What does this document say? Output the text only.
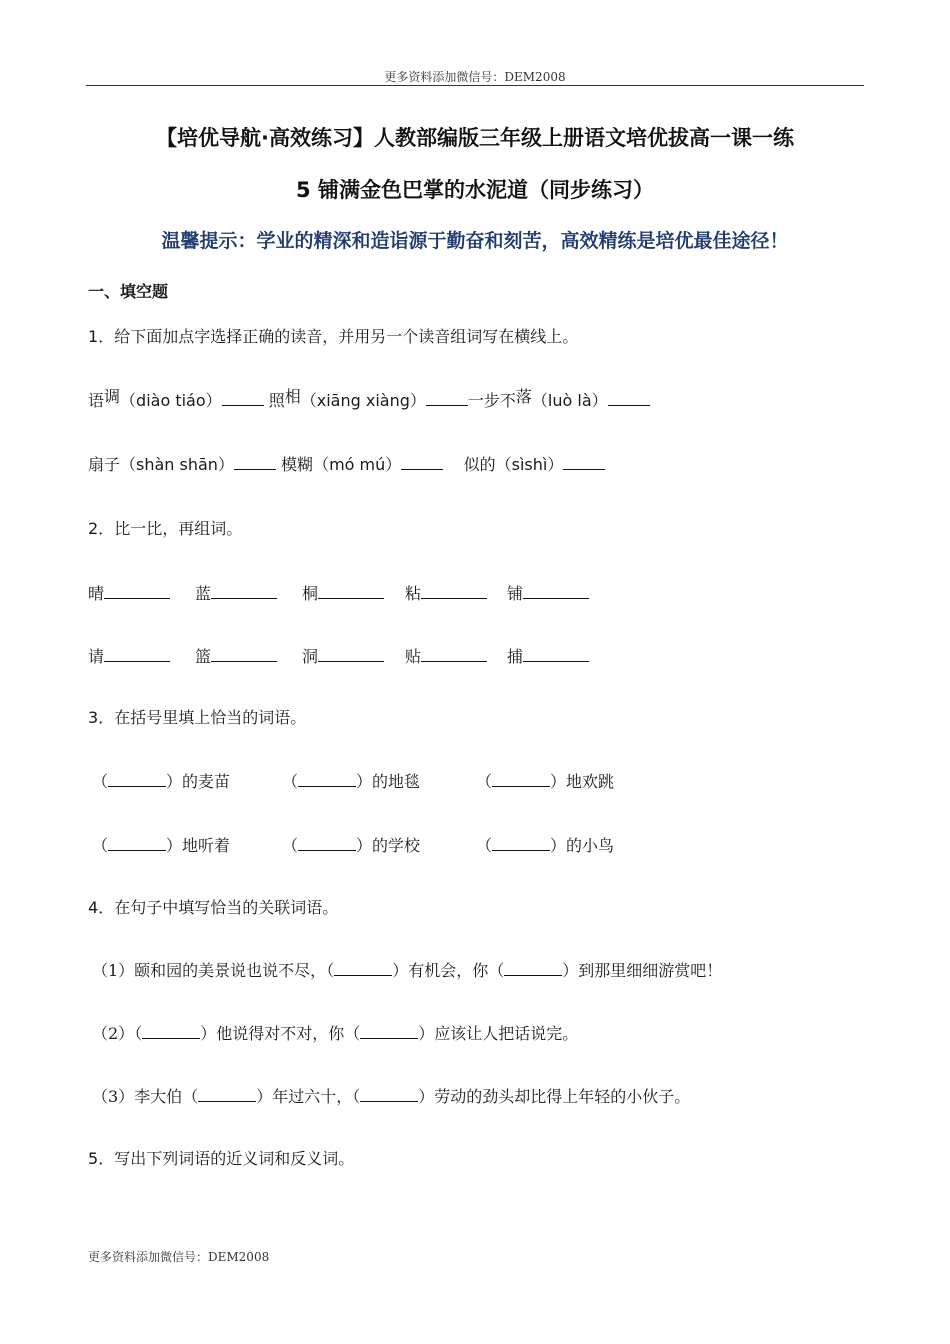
更多资料添加微信号：DEM2008
【培优导航·高效练习】人教部编版三年级上册语文培优拔高一课一练
5 铺满金色巴掌的水泥道（同步练习）
温馨提示：学业的精深和造诣源于勤奋和刻苦，高效精练是培优最佳途径！
一、填空题
1．给下面加点字选择正确的读音，并用另一个读音组词写在横线上。
语调（diào tiáo）	照相（xiāng xiàng）	一步不落（luò là）
扇子（shàn shān）	模糊（mó mú）	似的（sìshì）
2．比一比，再组词。
晴	蓝	桐	粘	铺
请	篮	洞	贴	捕
3．在括号里填上恰当的词语。
（	）的麦苗	（	）的地毯	（	）地欢跳
（	）地听着	（	）的学校	（	）的小鸟
4．在句子中填写恰当的关联词语。
（1）颐和园的美景说也说不尽，（	）有机会，你（	）到那里细细游赏吧！
（2）（	）他说得对不对，你（	）应该让人把话说完。
（3）李大伯（	）年过六十，（	）劳动的劲头却比得上年轻的小伙子。
5．写出下列词语的近义词和反义词。
更多资料添加微信号：DEM2008
